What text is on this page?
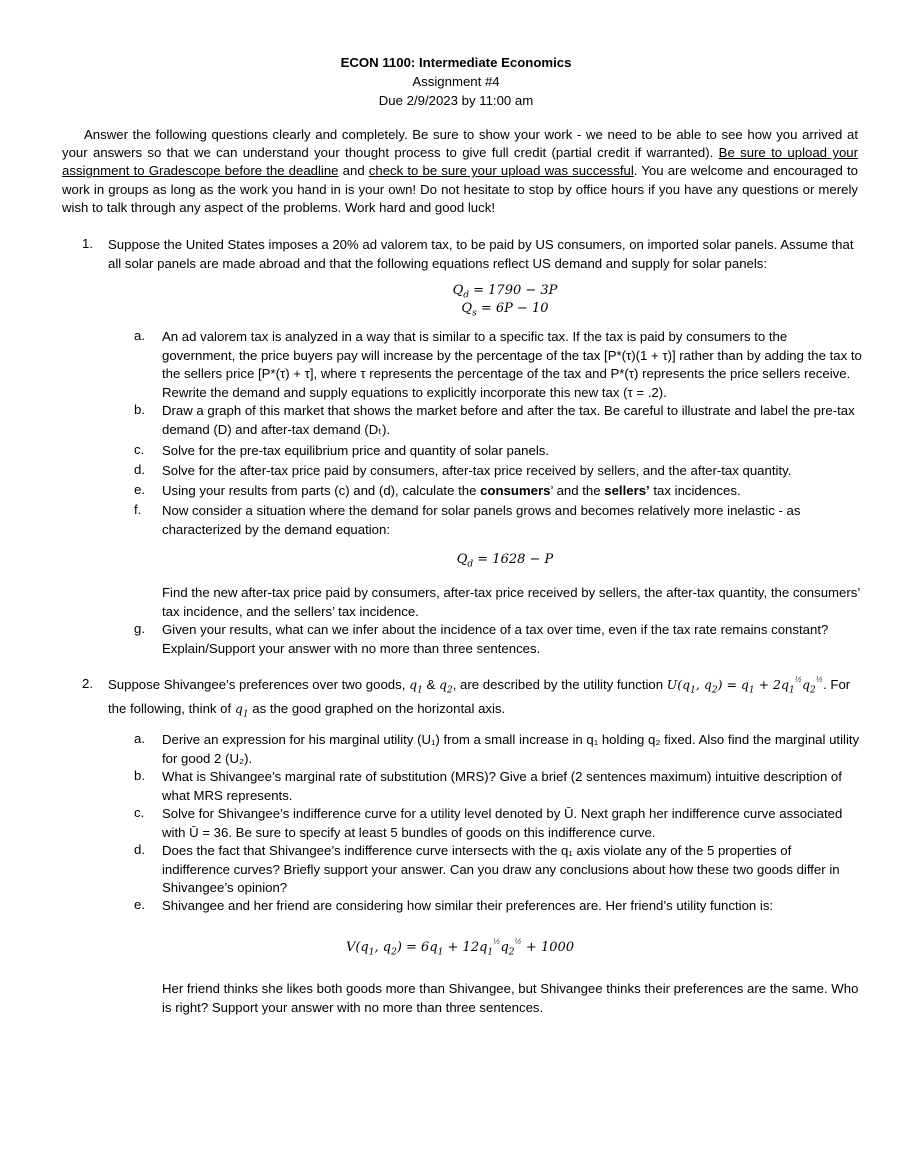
ECON 1100: Intermediate Economics
Assignment #4
Due 2/9/2023 by 11:00 am
Answer the following questions clearly and completely. Be sure to show your work - we need to be able to see how you arrived at your answers so that we can understand your thought process to give full credit (partial credit if warranted). Be sure to upload your assignment to Gradescope before the deadline and check to be sure your upload was successful. You are welcome and encouraged to work in groups as long as the work you hand in is your own! Do not hesitate to stop by office hours if you have any questions or merely wish to talk through any aspect of the problems. Work hard and good luck!
1.	Suppose the United States imposes a 20% ad valorem tax, to be paid by US consumers, on imported solar panels. Assume that all solar panels are made abroad and that the following equations reflect US demand and supply for solar panels:
$Q_d = 1790 - 3P$
$Q_s = 6P - 10$
a.	An ad valorem tax is analyzed in a way that is similar to a specific tax. If the tax is paid by consumers to the government, the price buyers pay will increase by the percentage of the tax [P*(τ)(1 + τ)] rather than by adding the tax to the sellers price [P*(τ) + τ], where τ represents the percentage of the tax and P*(τ) represents the price sellers receive. Rewrite the demand and supply equations to explicitly incorporate this new tax (τ = .2).
b.	Draw a graph of this market that shows the market before and after the tax. Be careful to illustrate and label the pre-tax demand (D) and after-tax demand (Dₜ).
c.	Solve for the pre-tax equilibrium price and quantity of solar panels.
d.	Solve for the after-tax price paid by consumers, after-tax price received by sellers, and the after-tax quantity.
e.	Using your results from parts (c) and (d), calculate the consumers’ and the sellers’ tax incidences.
f.	Now consider a situation where the demand for solar panels grows and becomes relatively more inelastic - as characterized by the demand equation:
$Q_d = 1628 - P$
Find the new after-tax price paid by consumers, after-tax price received by sellers, the after-tax quantity, the consumers’ tax incidence, and the sellers’ tax incidence.
g.	Given your results, what can we infer about the incidence of a tax over time, even if the tax rate remains constant? Explain/Support your answer with no more than three sentences.
2.	Suppose Shivangee’s preferences over two goods, $q_1$ & $q_2$, are described by the utility function $U(q_1$, $q_2) = q_1$ + $2q_1\frac{1}{2}q_2\frac{1}{2}$. For the following, think of $q_1$ as the good graphed on the horizontal axis.
a.	Derive an expression for his marginal utility (U₁) from a small increase in q₁ holding q₂ fixed. Also find the marginal utility for good 2 (U₂).
b.	What is Shivangee’s marginal rate of substitution (MRS)? Give a brief (2 sentences maximum) intuitive description of what MRS represents.
c.	Solve for Shivangee’s indifference curve for a utility level denoted by Ū. Next graph her indifference curve associated with Ū = 36. Be sure to specify at least 5 bundles of goods on this indifference curve.
d.	Does the fact that Shivangee’s indifference curve intersects with the q₁ axis violate any of the 5 properties of indifference curves? Briefly support your answer. Can you draw any conclusions about how these two goods differ in Shivangee’s opinion?
e.	Shivangee and her friend are considering how similar their preferences are. Her friend’s utility function is:
$V(q_1$, $q_2) = 6q_1$ + $12q_1\frac{1}{2}q_2\frac{1}{2} + 1000$
Her friend thinks she likes both goods more than Shivangee, but Shivangee thinks their preferences are the same. Who is right? Support your answer with no more than three sentences.
